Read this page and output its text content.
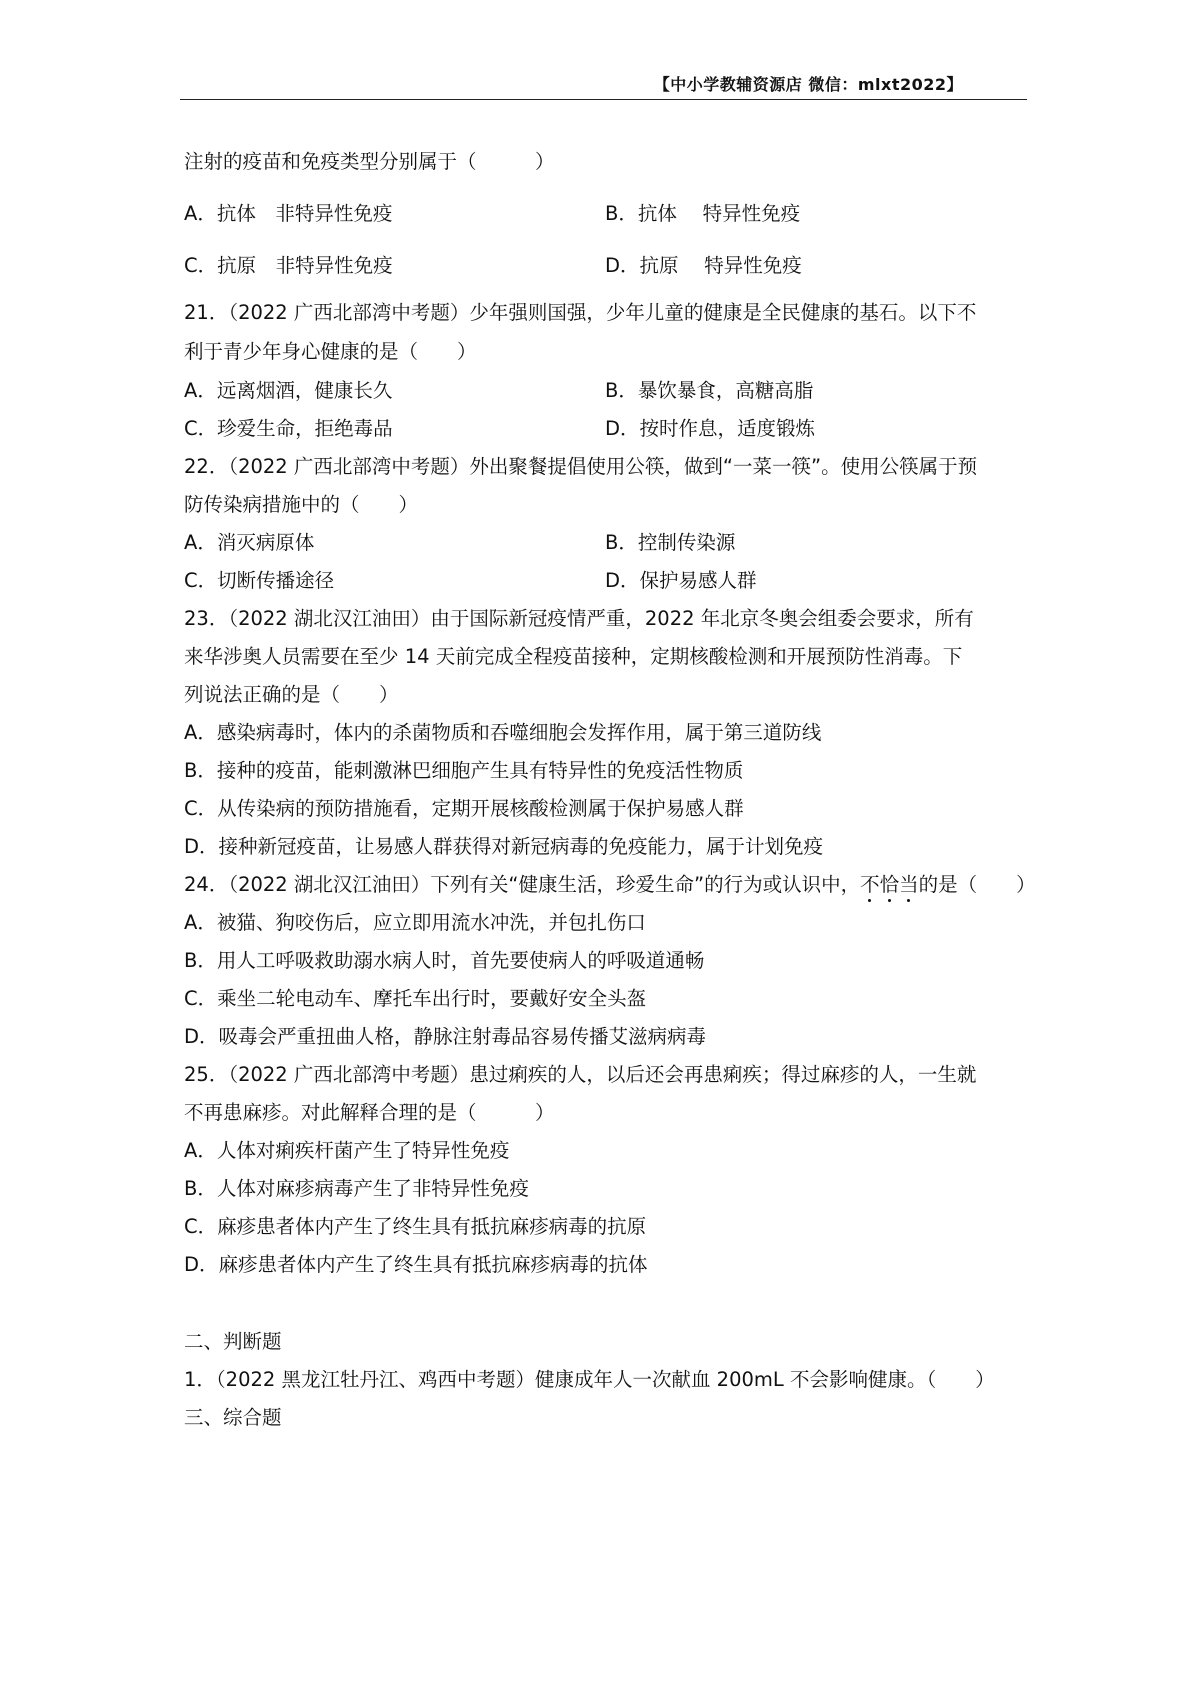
【中小学教辅资源店 微信：mlxt2022】
注射的疫苗和免疫类型分别属于（　　　）
A．抗体　非特异性免疫	B．抗体　 特异性免疫
C．抗原　非特异性免疫	D．抗原　 特异性免疫
21．（2022 广西北部湾中考题）少年强则国强，少年儿童的健康是全民健康的基石。以下不
利于青少年身心健康的是（　　）
A．远离烟酒，健康长久	B．暴饮暴食，高糖高脂
C．珍爱生命，拒绝毒品	D．按时作息，适度锻炼
22．（2022 广西北部湾中考题）外出聚餐提倡使用公筷，做到“一菜一筷”。使用公筷属于预
防传染病措施中的（　　）
A．消灭病原体	B．控制传染源
C．切断传播途径	D．保护易感人群
23．（2022 湖北汉江油田）由于国际新冠疫情严重，2022 年北京冬奥会组委会要求，所有
来华涉奥人员需要在至少 14 天前完成全程疫苗接种，定期核酸检测和开展预防性消毒。下
列说法正确的是（　　）
A．感染病毒时，体内的杀菌物质和吞噬细胞会发挥作用，属于第三道防线
B．接种的疫苗，能刺激淋巴细胞产生具有特异性的免疫活性物质
C．从传染病的预防措施看，定期开展核酸检测属于保护易感人群
D．接种新冠疫苗，让易感人群获得对新冠病毒的免疫能力，属于计划免疫
24．（2022 湖北汉江油田）下列有关“健康生活，珍爱生命”的行为或认识中，不恰当的是（　　）
A．被猫、狗咬伤后，应立即用流水冲洗，并包扎伤口
B．用人工呼吸救助溺水病人时，首先要使病人的呼吸道通畅
C．乘坐二轮电动车、摩托车出行时，要戴好安全头盔
D．吸毒会严重扭曲人格，静脉注射毒品容易传播艾滋病病毒
25．（2022 广西北部湾中考题）患过痢疾的人，以后还会再患痢疾；得过麻疹的人，一生就
不再患麻疹。对此解释合理的是（　　　）
A．人体对痢疾杆菌产生了特异性免疫
B．人体对麻疹病毒产生了非特异性免疫
C．麻疹患者体内产生了终生具有抵抗麻疹病毒的抗原
D．麻疹患者体内产生了终生具有抵抗麻疹病毒的抗体
二、判断题
1．（2022 黑龙江牡丹江、鸡西中考题）健康成年人一次献血 200mL 不会影响健康。（　　）
三、综合题
